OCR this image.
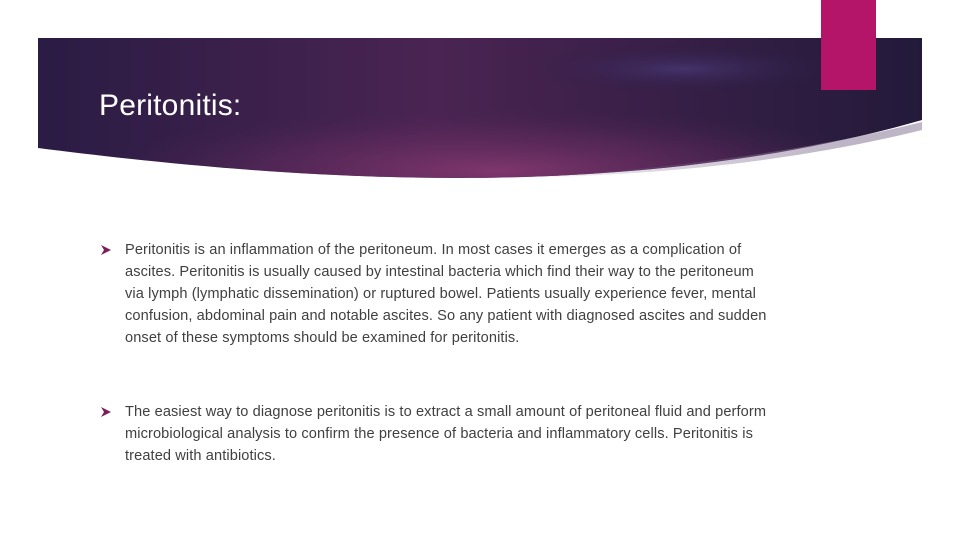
Peritonitis:

Peritonitis is an inflammation of the peritoneum. In most cases it emerges as a complication of ascites. Peritonitis is usually caused by intestinal bacteria which find their way to the peritoneum via lymph (lymphatic dissemination) or ruptured bowel. Patients usually experience fever, mental confusion, abdominal pain and notable ascites. So any patient with diagnosed ascites and sudden onset of these symptoms should be examined for peritonitis.

The easiest way to diagnose peritonitis is to extract a small amount of peritoneal fluid and perform microbiological analysis to confirm the presence of bacteria and inflammatory cells. Peritonitis is treated with antibiotics.
